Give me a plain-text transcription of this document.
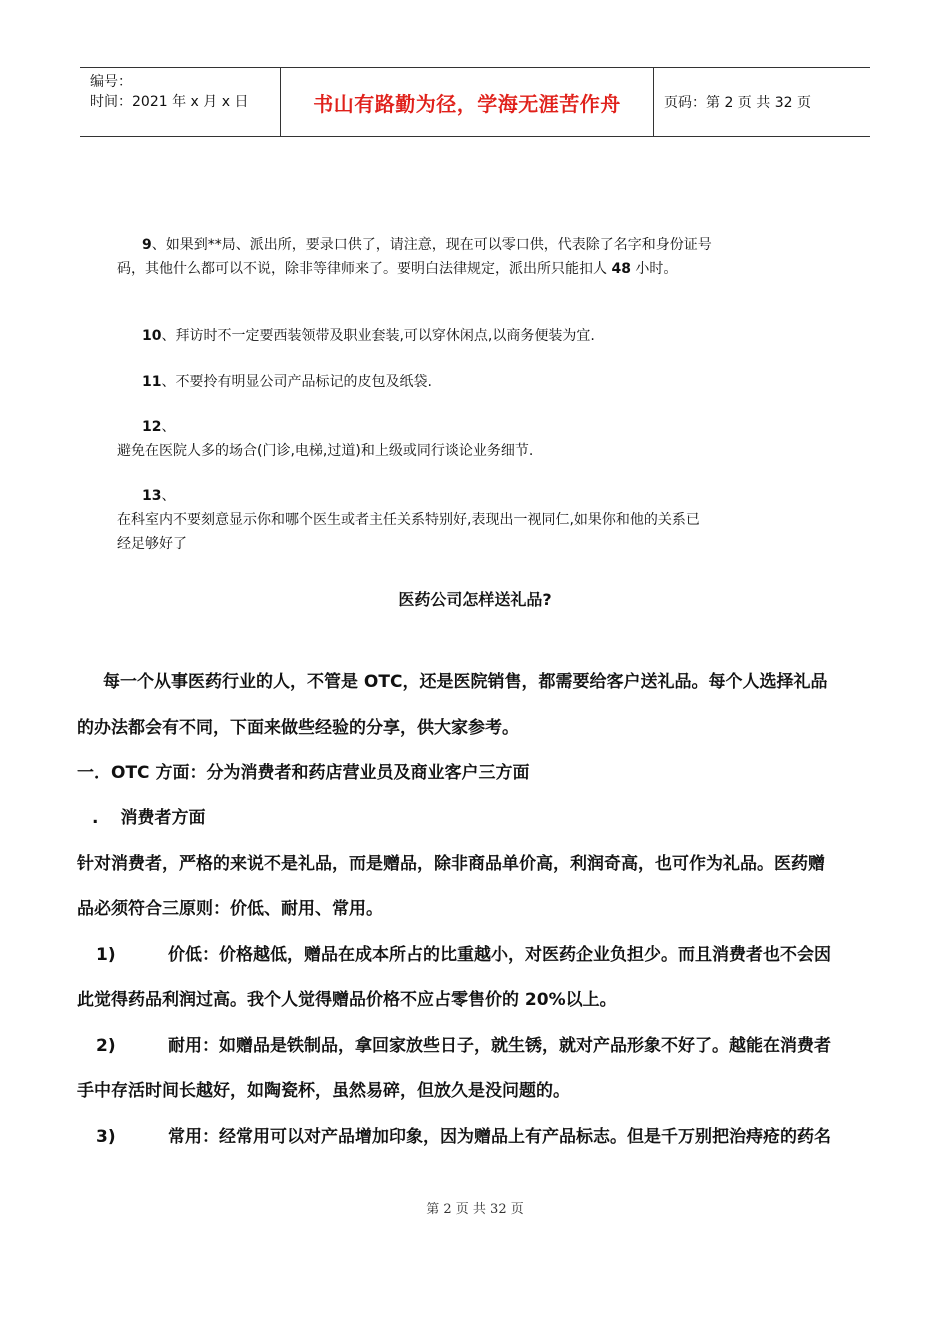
编号：
时间：2021 年 x 月 x 日	书山有路勤为径，学海无涯苦作舟	页码：第 2 页 共 32 页
9、如果到**局、派出所，要录口供了，请注意，现在可以零口供，代表除了名字和身份证号
码，其他什么都可以不说，除非等律师来了。要明白法律规定，派出所只能扣人 48 小时。
10、拜访时不一定要西装领带及职业套装,可以穿休闲点,以商务便装为宜.
11、不要拎有明显公司产品标记的皮包及纸袋.
12、
避免在医院人多的场合(门诊,电梯,过道)和上级或同行谈论业务细节.
13、
在科室内不要刻意显示你和哪个医生或者主任关系特别好,表现出一视同仁,如果你和他的关系已
经足够好了
医药公司怎样送礼品?
每一个从事医药行业的人，不管是 OTC，还是医院销售，都需要给客户送礼品。每个人选择礼品
的办法都会有不同，下面来做些经验的分享，供大家参考。
一．OTC 方面：分为消费者和药店营业员及商业客户三方面
. 消费者方面
针对消费者，严格的来说不是礼品，而是赠品，除非商品单价高，利润奇高，也可作为礼品。医药赠
品必须符合三原则：价低、耐用、常用。
1)	价低：价格越低，赠品在成本所占的比重越小，对医药企业负担少。而且消费者也不会因
此觉得药品利润过高。我个人觉得赠品价格不应占零售价的 20%以上。
2)	耐用：如赠品是铁制品，拿回家放些日子，就生锈，就对产品形象不好了。越能在消费者
手中存活时间长越好，如陶瓷杯，虽然易碎，但放久是没问题的。
3)	常用：经常用可以对产品增加印象，因为赠品上有产品标志。但是千万别把治痔疮的药名
第 2 页 共 32 页
